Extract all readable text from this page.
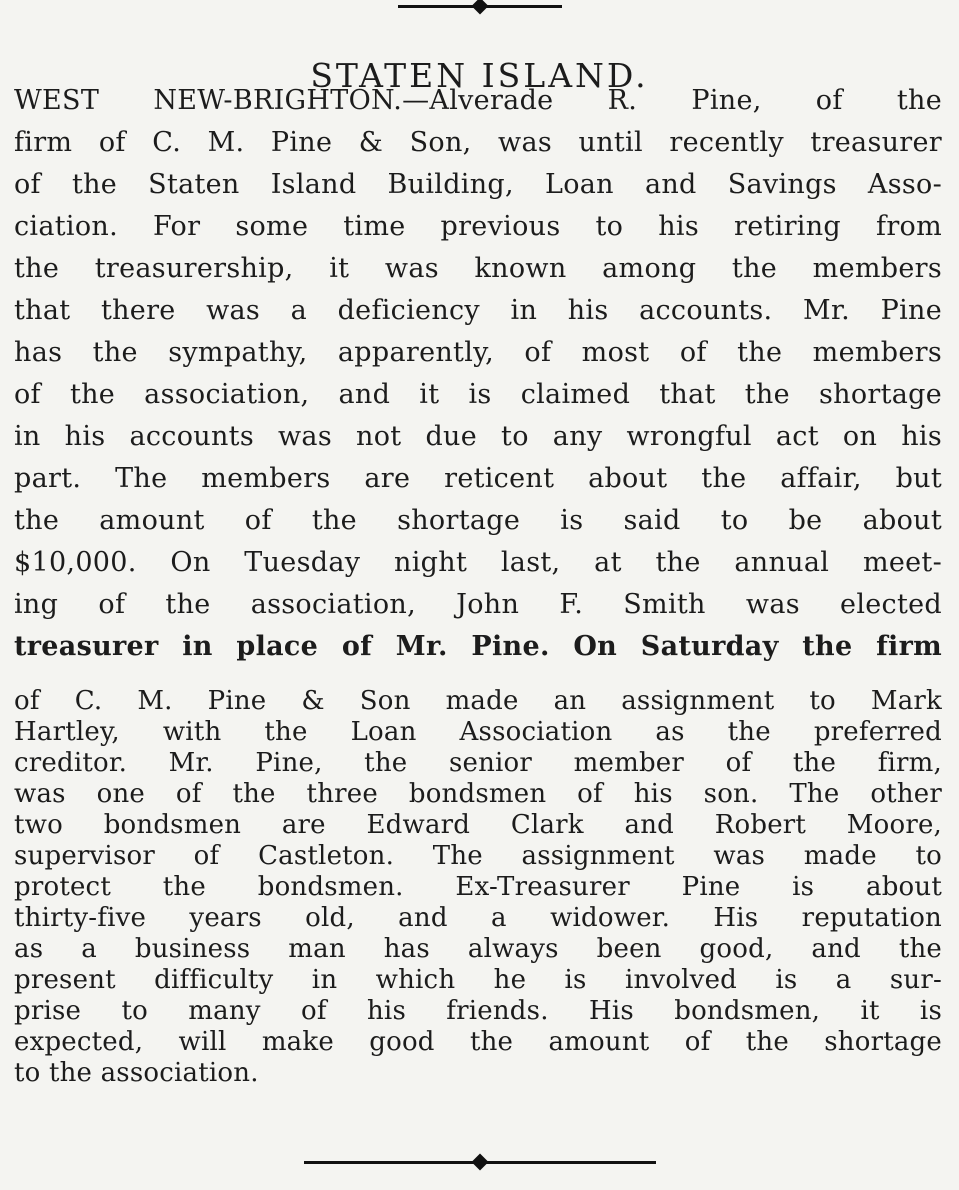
STATEN ISLAND.
WEST NEW-BRIGHTON.—Alverade R. Pine, of the
firm of C. M. Pine & Son, was until recently treasurer
of the Staten Island Building, Loan and Savings Asso-
ciation. For some time previous to his retiring from
the treasurership, it was known among the members
that there was a deficiency in his accounts. Mr. Pine
has the sympathy, apparently, of most of the members
of the association, and it is claimed that the shortage
in his accounts was not due to any wrongful act on his
part. The members are reticent about the affair, but
the amount of the shortage is said to be about
$10,000. On Tuesday night last, at the annual meet-
ing of the association, John F. Smith was elected
treasurer in place of Mr. Pine. On Saturday the firm
of C. M. Pine & Son made an assignment to Mark
Hartley, with the Loan Association as the preferred
creditor. Mr. Pine, the senior member of the firm,
was one of the three bondsmen of his son. The other
two bondsmen are Edward Clark and Robert Moore,
supervisor of Castleton. The assignment was made to
protect the bondsmen. Ex-Treasurer Pine is about
thirty-five years old, and a widower. His reputation
as a business man has always been good, and the
present difficulty in which he is involved is a sur-
prise to many of his friends. His bondsmen, it is
expected, will make good the amount of the shortage
to the association.
